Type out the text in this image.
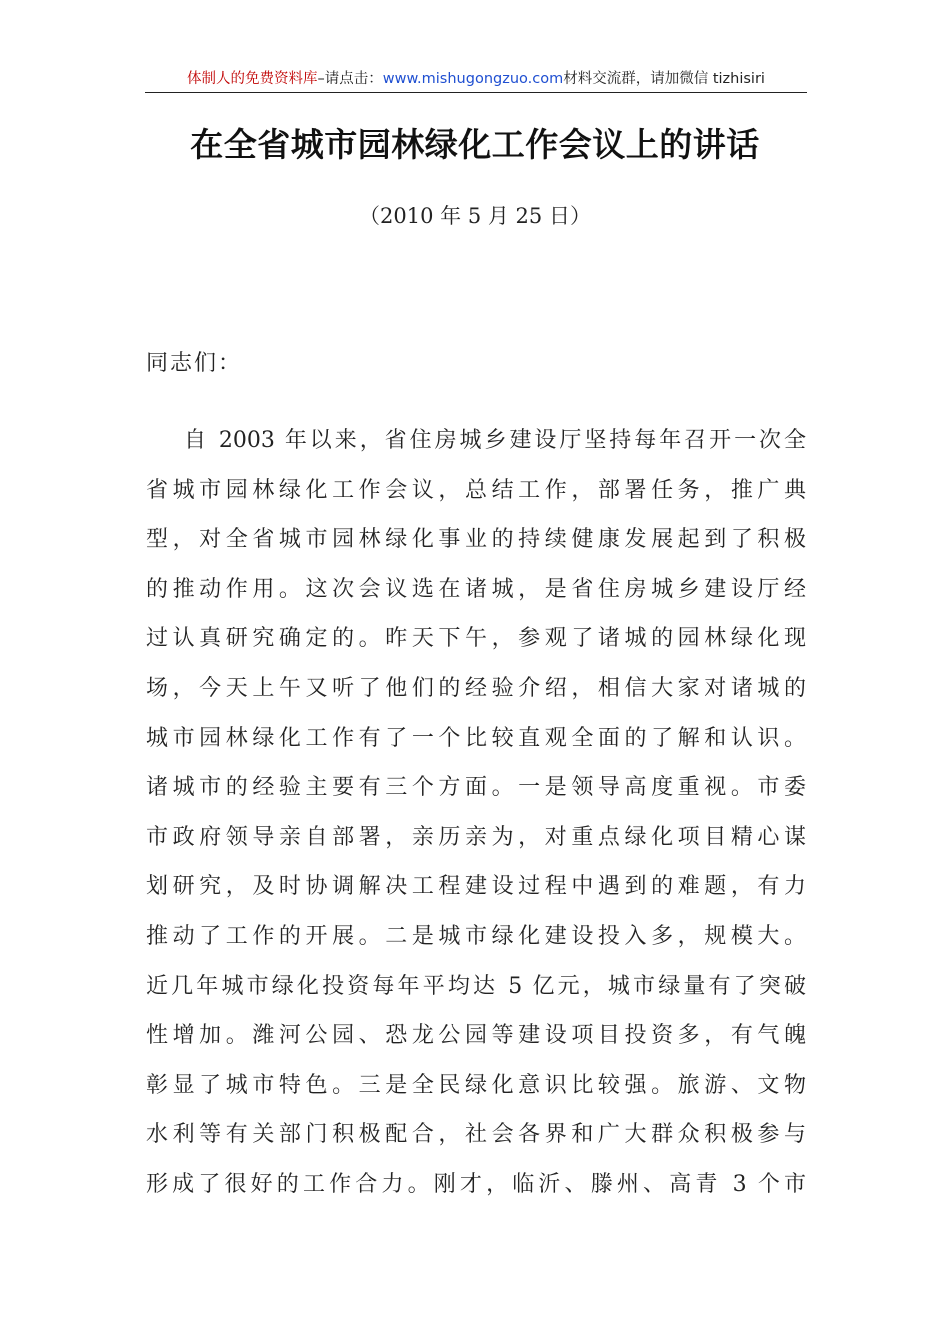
体制人的免费资料库–请点击：www.mishugongzuo.com材料交流群，请加微信 tizhisiri
在全省城市园林绿化工作会议上的讲话
（2010 年 5 月 25 日）
同志们：
自 2003 年以来，省住房城乡建设厅坚持每年召开一次全
省城市园林绿化工作会议，总结工作，部署任务，推广典
型，对全省城市园林绿化事业的持续健康发展起到了积极
的推动作用。这次会议选在诸城，是省住房城乡建设厅经
过认真研究确定的。昨天下午，参观了诸城的园林绿化现
场，今天上午又听了他们的经验介绍，相信大家对诸城的
城市园林绿化工作有了一个比较直观全面的了解和认识。
诸城市的经验主要有三个方面。一是领导高度重视。市委
市政府领导亲自部署，亲历亲为，对重点绿化项目精心谋
划研究，及时协调解决工程建设过程中遇到的难题，有力
推动了工作的开展。二是城市绿化建设投入多，规模大。
近几年城市绿化投资每年平均达 5 亿元，城市绿量有了突破
性增加。潍河公园、恐龙公园等建设项目投资多，有气魄
彰显了城市特色。三是全民绿化意识比较强。旅游、文物
水利等有关部门积极配合，社会各界和广大群众积极参与
形成了很好的工作合力。刚才，临沂、滕州、高青 3 个市
